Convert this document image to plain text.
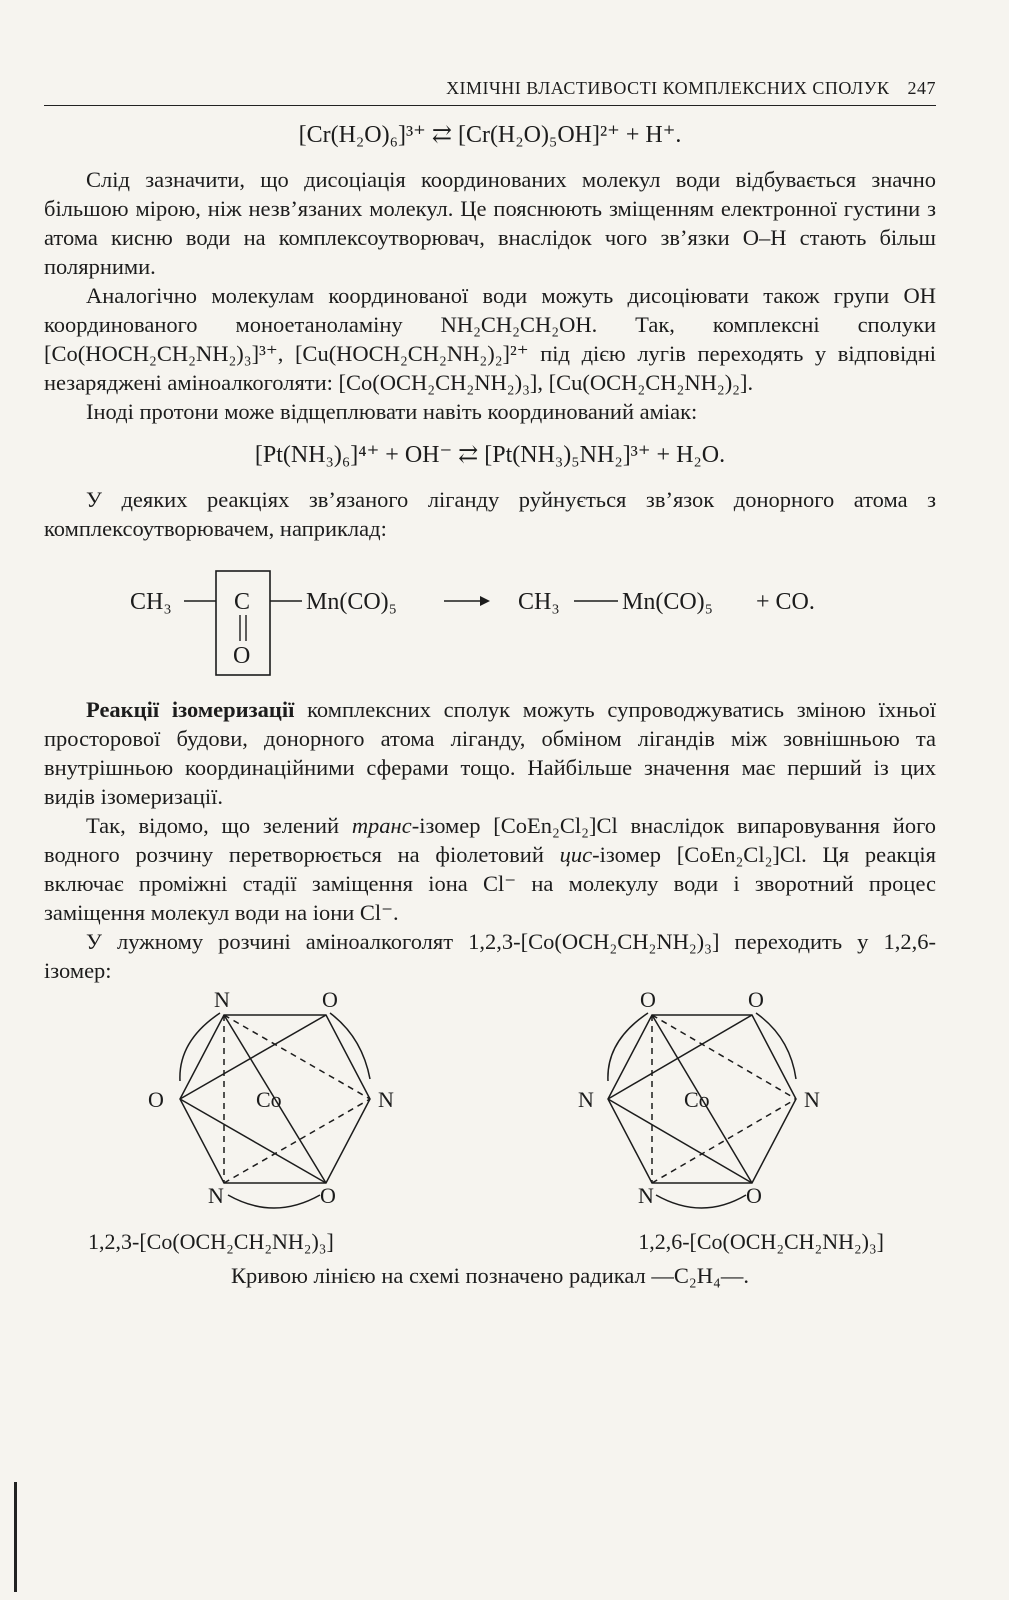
ХІМІЧНІ ВЛАСТИВОСТІ КОМПЛЕКСНИХ СПОЛУК 247
[Cr(H₂O)₆]³⁺ ⇄ [Cr(H₂O)₅OH]²⁺ + H⁺.

Слід зазначити, що дисоціація координованих молекул води відбувається значно більшою мірою, ніж незв’язаних молекул. Це пояснюють зміщенням електронної густини з атома кисню води на комплексоутворювач, внаслідок чого зв’язки O–H стають більш полярними.

Аналогічно молекулам координованої води можуть дисоціювати також групи OH координованого моноетаноламіну NH₂CH₂CH₂OH. Так, комплексні сполуки [Co(HOCH₂CH₂NH₂)₃]³⁺, [Cu(HOCH₂CH₂NH₂)₂]²⁺ під дією лугів переходять у відповідні незаряджені аміноалкоголяти: [Co(OCH₂CH₂NH₂)₃], [Cu(OCH₂CH₂NH₂)₂].

Іноді протони може відщеплювати навіть координований аміак:

[Pt(NH₃)₆]⁴⁺ + OH⁻ ⇄ [Pt(NH₃)₅NH₂]³⁺ + H₂O.

У деяких реакціях зв’язаного ліганду руйнується зв’язок донорного атома з комплексоутворювачем, наприклад:

CH₃	C
O
Mn(CO)₅	CH₃	Mn(CO)₅ + CO.

Реакції ізомеризації комплексних сполук можуть супроводжуватись зміною їхньої просторової будови, донорного атома ліганду, обміном лігандів між зовнішньою та внутрішньою координаційними сферами тощо. Найбільше значення має перший із цих видів ізомеризації.

Так, відомо, що зелений транс-ізомер [CoEn₂Cl₂]Cl внаслідок випаровування його водного розчину перетворюється на фіолетовий цис-ізомер [CoEn₂Cl₂]Cl. Ця реакція включає проміжні стадії заміщення іона Cl⁻ на молекулу води і зворотний процес заміщення молекул води на іони Cl⁻.

У лужному розчині аміноалкоголят 1,2,3-[Co(OCH₂CH₂NH₂)₃] переходить у 1,2,6-ізомер:

N	O
O	N
N	O
Co
O	O
N	N
N	O
Co
1,2,3-[Co(OCH₂CH₂NH₂)₃]	1,2,6-[Co(OCH₂CH₂NH₂)₃]
Кривою лінією на схемі позначено радикал —C₂H₄—.
